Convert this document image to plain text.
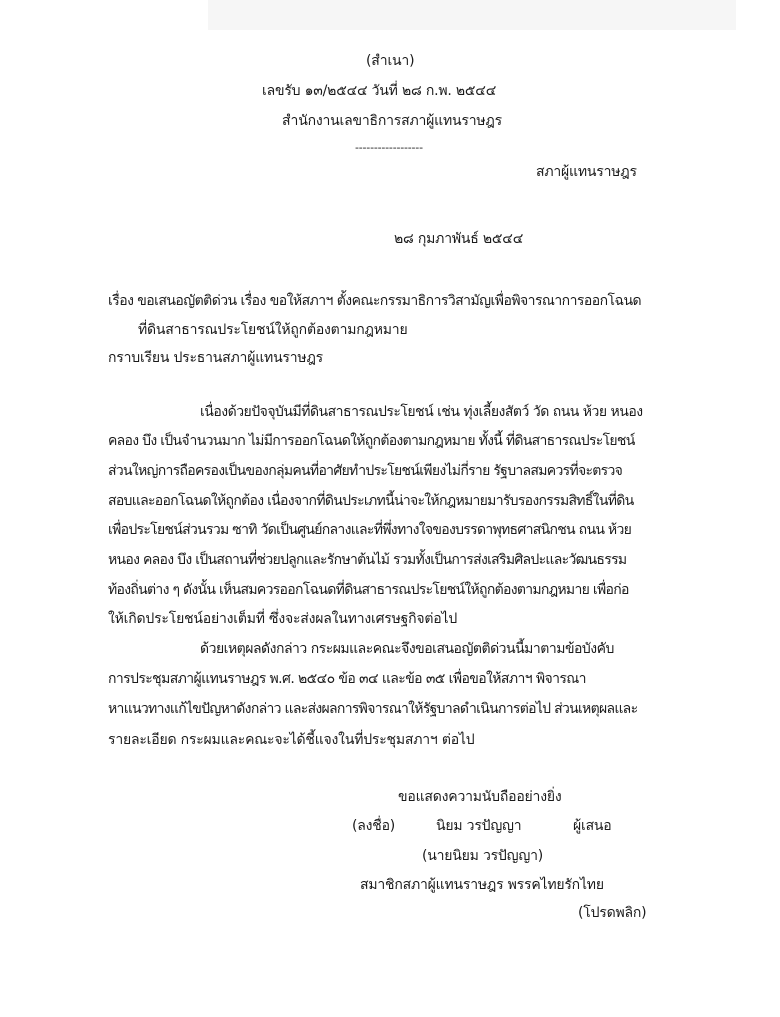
(สำเนา)
เลขรับ ๑๓/๒๕๔๔ วันที่ ๒๘ ก.พ. ๒๕๔๔
สำนักงานเลขาธิการสภาผู้แทนราษฎร
------------------
สภาผู้แทนราษฎร
๒๘ กุมภาพันธ์ ๒๕๔๔
เรื่อง ขอเสนอญัตติด่วน เรื่อง ขอให้สภาฯ ตั้งคณะกรรมาธิการวิสามัญเพื่อพิจารณาการออกโฉนด
ที่ดินสาธารณประโยชน์ให้ถูกต้องตามกฎหมาย
กราบเรียน ประธานสภาผู้แทนราษฎร
เนื่องด้วยปัจจุบันมีที่ดินสาธารณประโยชน์ เช่น ทุ่งเลี้ยงสัตว์ วัด ถนน ห้วย หนอง
คลอง บึง เป็นจำนวนมาก ไม่มีการออกโฉนดให้ถูกต้องตามกฎหมาย ทั้งนี้ ที่ดินสาธารณประโยชน์
ส่วนใหญ่การถือครองเป็นของกลุ่มคนที่อาศัยทำประโยชน์เพียงไม่กี่ราย รัฐบาลสมควรที่จะตรวจ
สอบและออกโฉนดให้ถูกต้อง เนื่องจากที่ดินประเภทนี้น่าจะให้กฎหมายมารับรองกรรมสิทธิ์ในที่ดิน
เพื่อประโยชน์ส่วนรวม ซาทิ วัดเป็นศูนย์กลางและที่พึ่งทางใจของบรรดาพุทธศาสนิกชน ถนน ห้วย
หนอง คลอง บึง เป็นสถานที่ช่วยปลูกและรักษาต้นไม้ รวมทั้งเป็นการส่งเสริมศิลปะและวัฒนธรรม
ท้องถิ่นต่าง ๆ ดังนั้น เห็นสมควรออกโฉนดที่ดินสาธารณประโยชน์ให้ถูกต้องตามกฎหมาย เพื่อก่อ
ให้เกิดประโยชน์อย่างเต็มที่ ซึ่งจะส่งผลในทางเศรษฐกิจต่อไป
ด้วยเหตุผลดังกล่าว กระผมและคณะจึงขอเสนอญัตติด่วนนี้มาตามข้อบังคับ
การประชุมสภาผู้แทนราษฎร พ.ศ. ๒๕๔๐ ข้อ ๓๔ และข้อ ๓๕ เพื่อขอให้สภาฯ พิจารณา
หาแนวทางแก้ไขปัญหาดังกล่าว และส่งผลการพิจารณาให้รัฐบาลดำเนินการต่อไป ส่วนเหตุผลและ
รายละเอียด กระผมและคณะจะได้ชี้แจงในที่ประชุมสภาฯ ต่อไป
ขอแสดงความนับถืออย่างยิ่ง
(ลงชื่อ)	นิยม วรปัญญา	ผู้เสนอ
(นายนิยม วรปัญญา)
สมาชิกสภาผู้แทนราษฎร พรรคไทยรักไทย
(โปรดพลิก)
